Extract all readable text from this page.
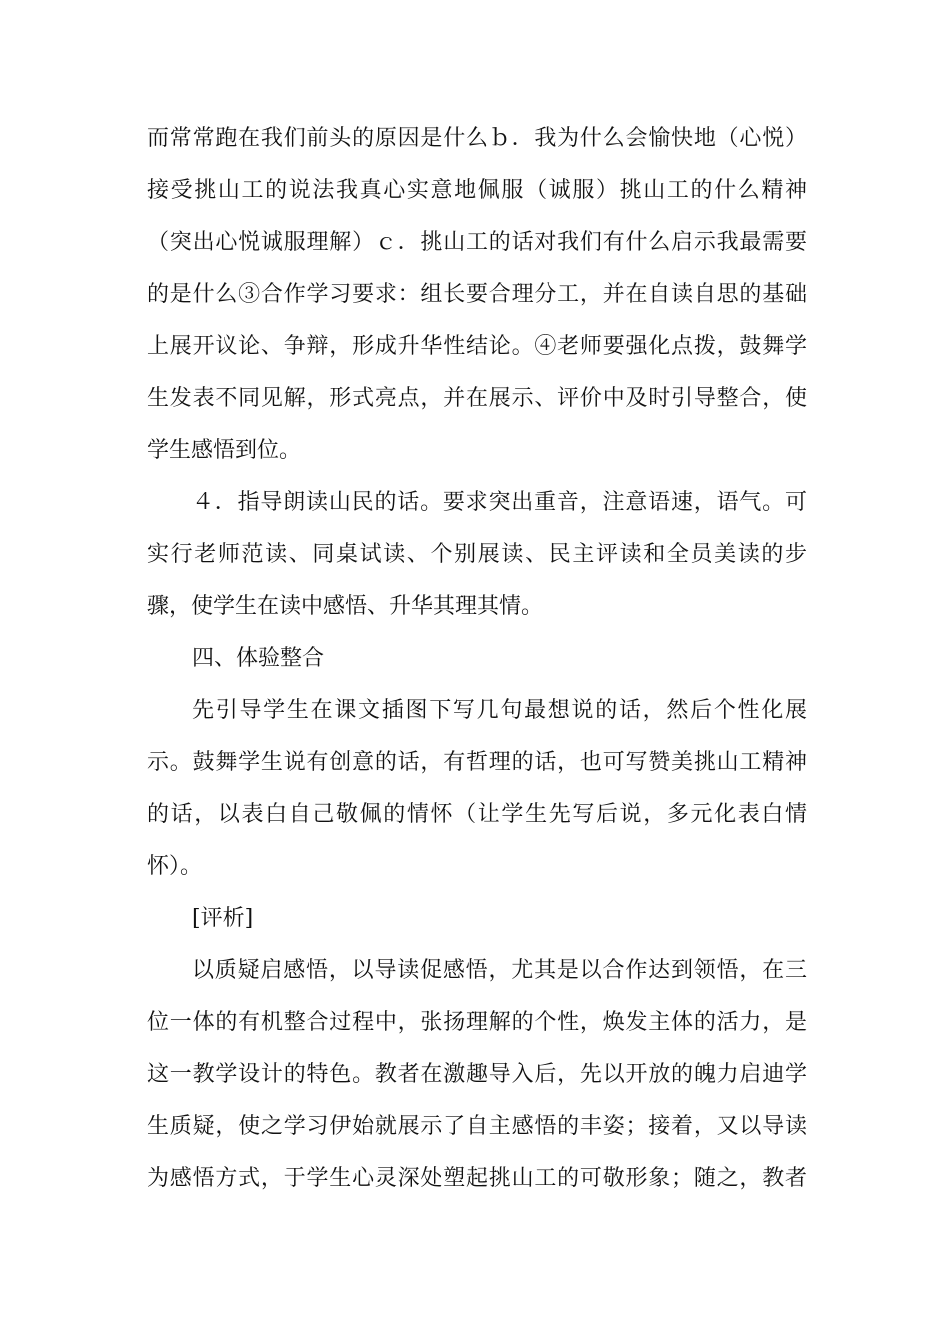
而常常跑在我们前头的原因是什么ｂ．我为什么会愉快地（心悦）
接受挑山工的说法我真心实意地佩服（诚服）挑山工的什么精神
（突出心悦诚服理解）ｃ．挑山工的话对我们有什么启示我最需要
的是什么③合作学习要求：组长要合理分工，并在自读自思的基础
上展开议论、争辩，形成升华性结论。④老师要强化点拨，鼓舞学
生发表不同见解，形式亮点，并在展示、评价中及时引导整合，使
学生感悟到位。
４．指导朗读山民的话。要求突出重音，注意语速，语气。可
实行老师范读、同桌试读、个别展读、民主评读和全员美读的步
骤，使学生在读中感悟、升华其理其情。
四、体验整合
先引导学生在课文插图下写几句最想说的话，然后个性化展
示。鼓舞学生说有创意的话，有哲理的话，也可写赞美挑山工精神
的话，以表白自己敬佩的情怀（让学生先写后说，多元化表白情
怀）。
[评析]
以质疑启感悟，以导读促感悟，尤其是以合作达到领悟，在三
位一体的有机整合过程中，张扬理解的个性，焕发主体的活力，是
这一教学设计的特色。教者在激趣导入后，先以开放的魄力启迪学
生质疑，使之学习伊始就展示了自主感悟的丰姿；接着，又以导读
为感悟方式，于学生心灵深处塑起挑山工的可敬形象；随之，教者
